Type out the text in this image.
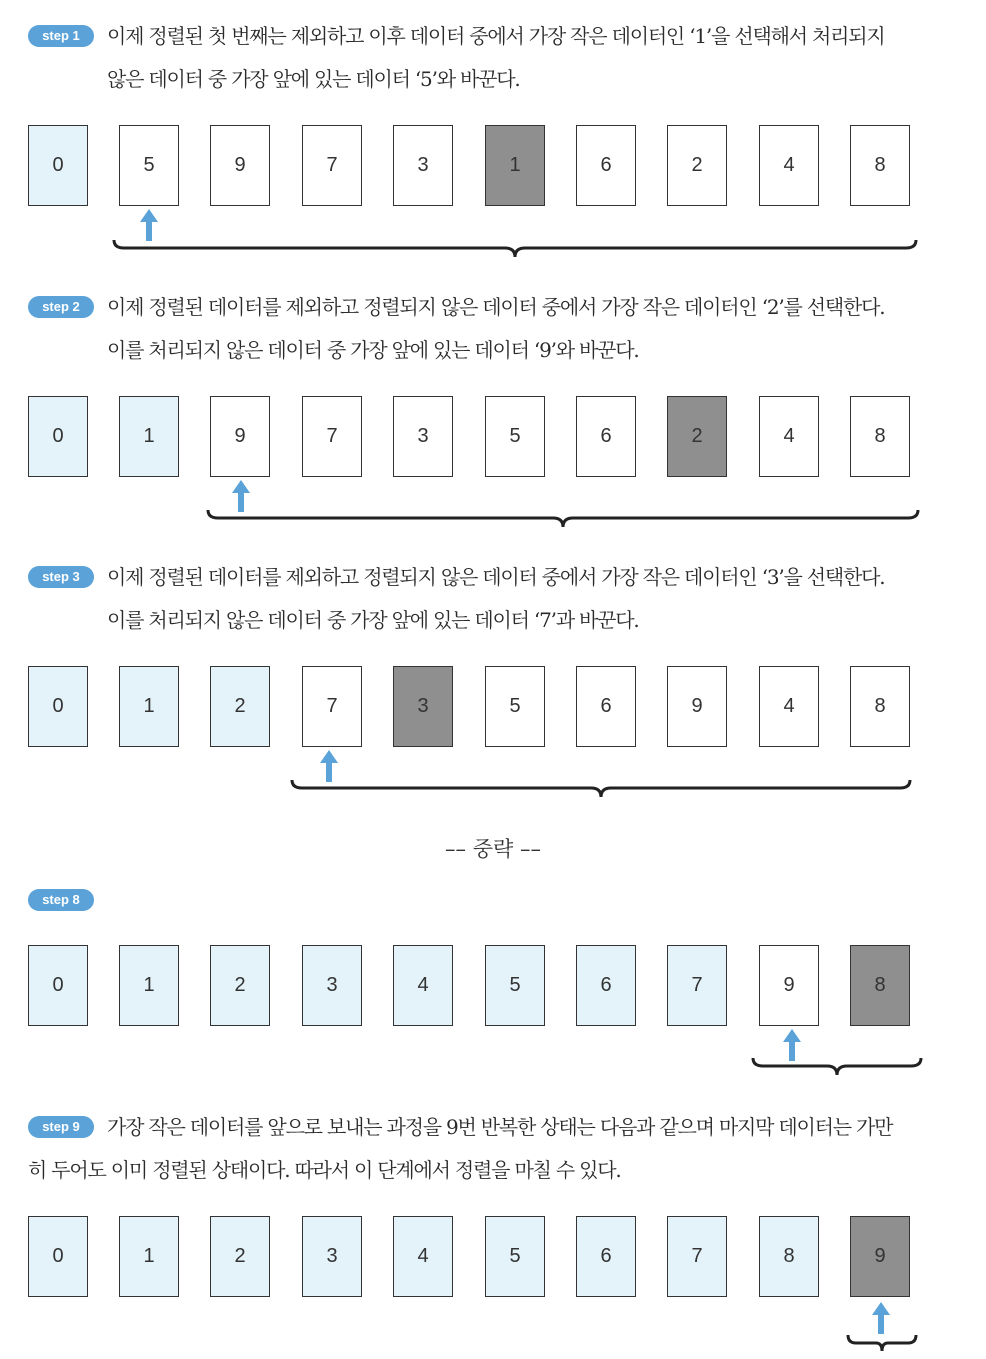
step 1	이제 정렬된 첫 번째는 제외하고 이후 데이터 중에서 가장 작은 데이터인 ‘1’을 선택해서 처리되지
않은 데이터 중 가장 앞에 있는 데이터 ‘5’와 바꾼다.
0	5	9	7	3	1	6	2	4	8
step 2	이제 정렬된 데이터를 제외하고 정렬되지 않은 데이터 중에서 가장 작은 데이터인 ‘2’를 선택한다.
이를 처리되지 않은 데이터 중 가장 앞에 있는 데이터 ‘9’와 바꾼다.
0	1	9	7	3	5	6	2	4	8
step 3	이제 정렬된 데이터를 제외하고 정렬되지 않은 데이터 중에서 가장 작은 데이터인 ‘3’을 선택한다.
이를 처리되지 않은 데이터 중 가장 앞에 있는 데이터 ‘7’과 바꾼다.
0	1	2	7	3	5	6	9	4	8
–– 중략 ––
step 8
0	1	2	3	4	5	6	7	9	8
step 9	가장 작은 데이터를 앞으로 보내는 과정을 9번 반복한 상태는 다음과 같으며 마지막 데이터는 가만
히 두어도 이미 정렬된 상태이다. 따라서 이 단계에서 정렬을 마칠 수 있다.
0	1	2	3	4	5	6	7	8	9
